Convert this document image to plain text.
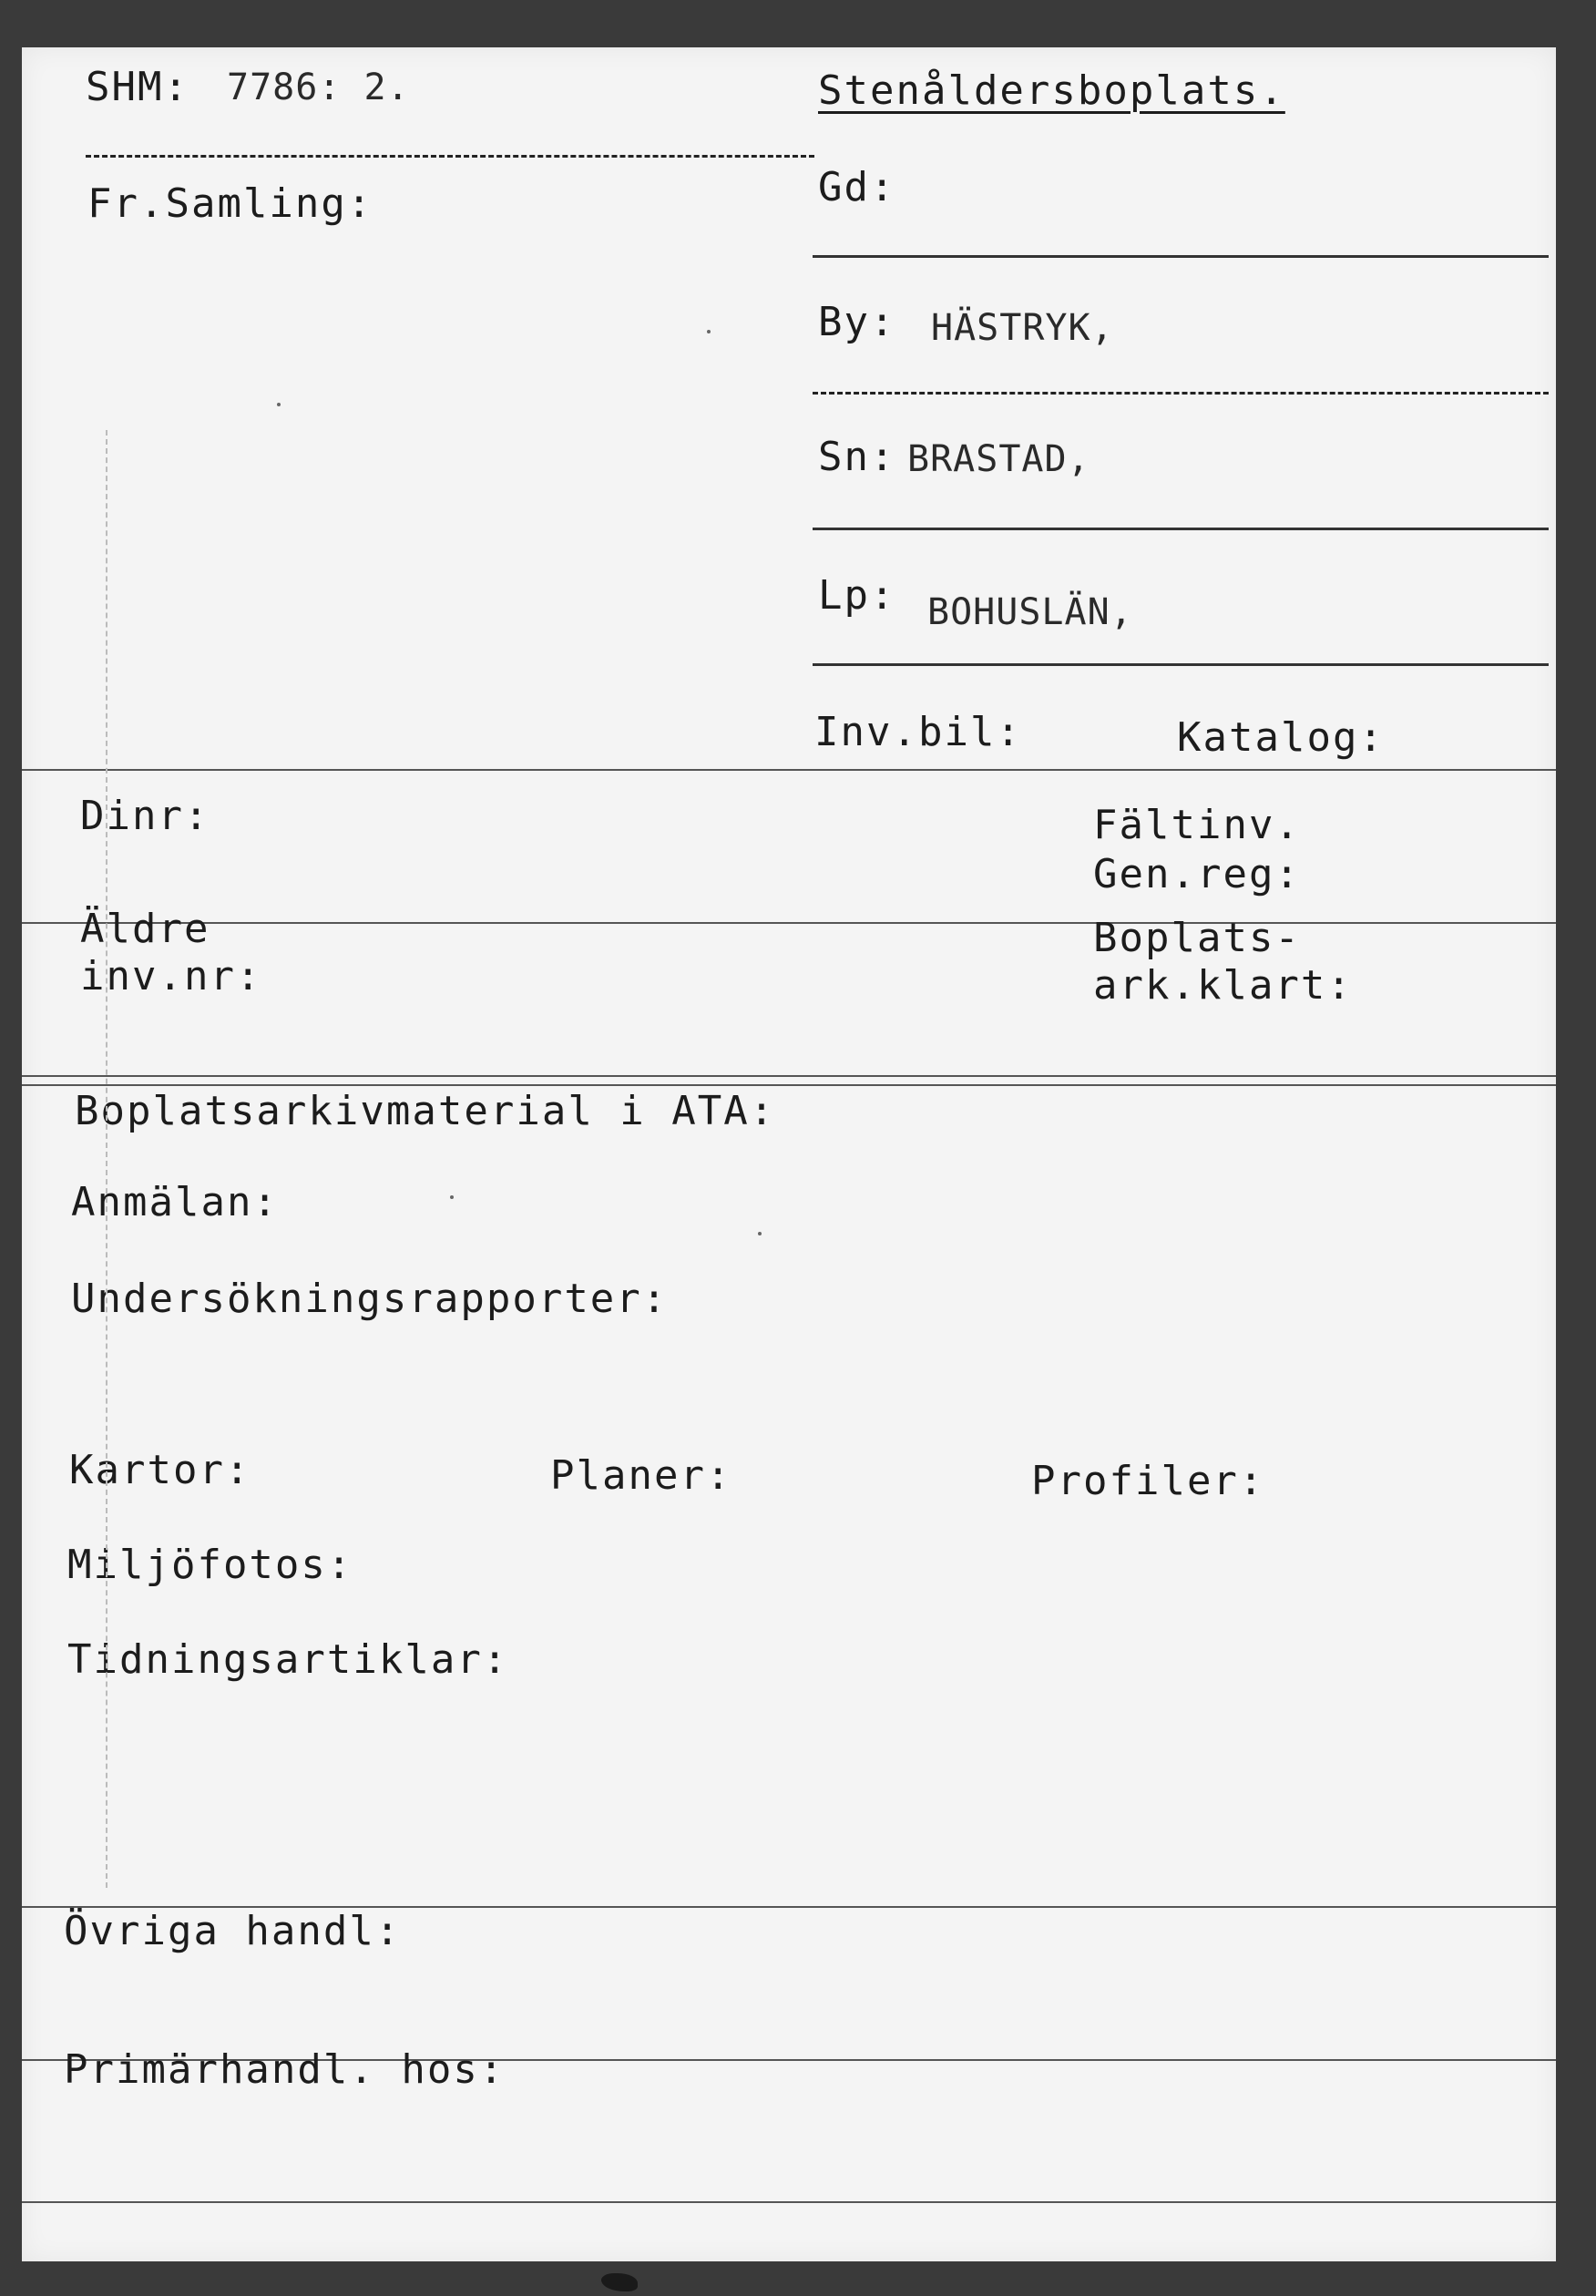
SHM: 7786: 2.	Stenåldersboplats.
Fr.Samling:	Gd:
By: HÄSTRYK,
Sn: BRASTAD,
Lp: BOHUSLÄN,
Inv.bil:	Katalog:
Dinr:	Fältinv.
Gen.reg:
Äldre
inv.nr:
Boplats-
ark.klart:
Boplatsarkivmaterial i ATA:
Anmälan:
Undersökningsrapporter:
Kartor:	Planer:	Profiler:
Miljöfotos:
Tidningsartiklar:
Övriga handl:
Primärhandl. hos:
